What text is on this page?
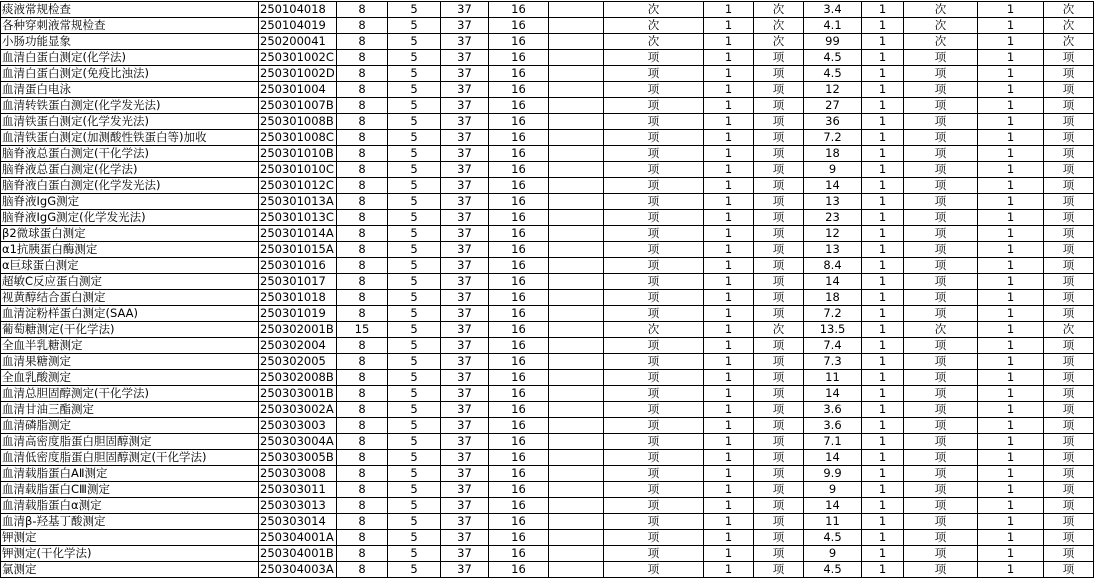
痰液常规检查	250104018	8	5	37	16		次	1	次	3.4	1	次	1	次
各种穿刺液常规检查	250104019	8	5	37	16		次	1	次	4.1	1	次	1	次
小肠功能显象	250200041	8	5	37	16		次	1	次	99	1	次	1	次
血清白蛋白测定(化学法)	250301002C	8	5	37	16		项	1	项	4.5	1	项	1	项
血清白蛋白测定(免疫比浊法)	250301002D	8	5	37	16		项	1	项	4.5	1	项	1	项
血清蛋白电泳	250301004	8	5	37	16		项	1	项	12	1	项	1	项
血清转铁蛋白测定(化学发光法)	250301007B	8	5	37	16		项	1	项	27	1	项	1	项
血清铁蛋白测定(化学发光法)	250301008B	8	5	37	16		项	1	项	36	1	项	1	项
血清铁蛋白测定(加测酸性铁蛋白等)加收	250301008C	8	5	37	16		项	1	项	7.2	1	项	1	项
脑脊液总蛋白测定(干化学法)	250301010B	8	5	37	16		项	1	项	18	1	项	1	项
脑脊液总蛋白测定(化学法)	250301010C	8	5	37	16		项	1	项	9	1	项	1	项
脑脊液白蛋白测定(化学发光法)	250301012C	8	5	37	16		项	1	项	14	1	项	1	项
脑脊液IgG测定	250301013A	8	5	37	16		项	1	项	13	1	项	1	项
脑脊液IgG测定(化学发光法)	250301013C	8	5	37	16		项	1	项	23	1	项	1	项
β2微球蛋白测定	250301014A	8	5	37	16		项	1	项	12	1	项	1	项
α1抗胰蛋白酶测定	250301015A	8	5	37	16		项	1	项	13	1	项	1	项
α巨球蛋白测定	250301016	8	5	37	16		项	1	项	8.4	1	项	1	项
超敏C反应蛋白测定	250301017	8	5	37	16		项	1	项	14	1	项	1	项
视黄醇结合蛋白测定	250301018	8	5	37	16		项	1	项	18	1	项	1	项
血清淀粉样蛋白测定(SAA)	250301019	8	5	37	16		项	1	项	7.2	1	项	1	项
葡萄糖测定(干化学法)	250302001B	15	5	37	16		次	1	次	13.5	1	次	1	次
全血半乳糖测定	250302004	8	5	37	16		项	1	项	7.4	1	项	1	项
血清果糖测定	250302005	8	5	37	16		项	1	项	7.3	1	项	1	项
全血乳酸测定	250302008B	8	5	37	16		项	1	项	11	1	项	1	项
血清总胆固醇测定(干化学法)	250303001B	8	5	37	16		项	1	项	14	1	项	1	项
血清甘油三酯测定	250303002A	8	5	37	16		项	1	项	3.6	1	项	1	项
血清磷脂测定	250303003	8	5	37	16		项	1	项	3.6	1	项	1	项
血清高密度脂蛋白胆固醇测定	250303004A	8	5	37	16		项	1	项	7.1	1	项	1	项
血清低密度脂蛋白胆固醇测定(干化学法)	250303005B	8	5	37	16		项	1	项	14	1	项	1	项
血清载脂蛋白AⅡ测定	250303008	8	5	37	16		项	1	项	9.9	1	项	1	项
血清载脂蛋白CⅢ测定	250303011	8	5	37	16		项	1	项	9	1	项	1	项
血清载脂蛋白α测定	250303013	8	5	37	16		项	1	项	14	1	项	1	项
血清β-羟基丁酸测定	250303014	8	5	37	16		项	1	项	11	1	项	1	项
钾测定	250304001A	8	5	37	16		项	1	项	4.5	1	项	1	项
钾测定(干化学法)	250304001B	8	5	37	16		项	1	项	9	1	项	1	项
氯测定	250304003A	8	5	37	16		项	1	项	4.5	1	项	1	项
